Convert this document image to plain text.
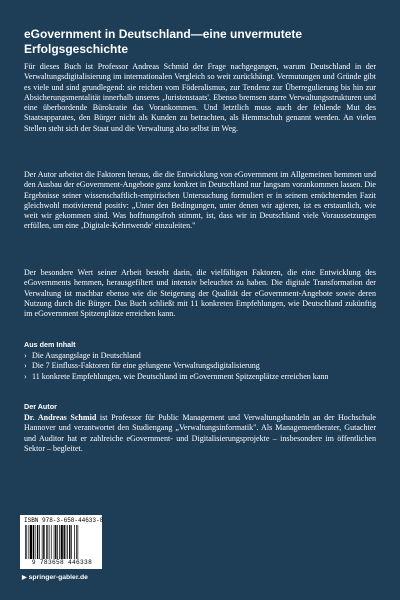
eGovernment in Deutschland—eine unvermutete
Erfolgsgeschichte

Für dieses Buch ist Professor Andreas Schmid der Frage nachgegangen, warum Deutschland in der Verwaltungsdigitalisierung im internationalen Vergleich so weit zurückhängt. Vermutungen und Gründe gibt es viele und sind grundlegend: sie reichen vom Föderalismus, zur Tendenz zur Überregulierung bis hin zur Absicherungsmentalität innerhalb unseres ‚Juristenstaats'. Ebenso bremsen starre Verwaltungsstrukturen und eine überbordende Bürokratie das Vorankommen. Und letztlich muss auch der fehlende Mut des Staatsapparates, den Bürger nicht als Kunden zu betrachten, als Hemmschuh genannt werden. An vielen Stellen steht sich der Staat und die Verwaltung also selbst im Weg.

Der Autor arbeitet die Faktoren heraus, die die Entwicklung von eGovernment im Allgemeinen hemmen und den Ausbau der eGovernment-Angebote ganz konkret in Deutschland nur langsam vorankommen lassen. Die Ergebnisse seiner wissenschaftlich-empirischen Untersuchung formuliert er in seinem ernüchternden Fazit gleichwohl motivierend positiv: „Unter den Bedingungen, unter denen wir agieren, ist es erstaunlich, wie weit wir gekommen sind. Was hoffnungsfroh stimmt, ist, dass wir in Deutschland viele Voraussetzungen erfüllen, um eine ‚Digitale-Kehrtwende' einzuleiten."

Der besondere Wert seiner Arbeit besteht darin, die vielfältigen Faktoren, die eine Entwicklung des eGovernments hemmen, herausgefiltert und intensiv beleuchtet zu haben. Die digitale Transformation der Verwaltung ist machbar ebenso wie die Steigerung der Qualität der eGovernment-Angebote sowie deren Nutzung durch die Bürger. Das Buch schließt mit 11 konkreten Empfehlungen, wie Deutschland zukünftig im eGovernment Spitzenplätze erreichen kann.

Aus dem Inhalt
› Die Ausgangslage in Deutschland
› Die 7 Einfluss-Faktoren für eine gelungene Verwaltungsdigitalisierung
› 11 konkrete Empfehlungen, wie Deutschland im eGovernment Spitzenplätze erreichen kann
Der Autor

Dr. Andreas Schmid ist Professor für Public Management und Verwaltungshandeln an der Hochschule Hannover und verantwortet den Studiengang „Verwaltungsinformatik". Als Managementberater, Gutachter und Auditor hat er zahlreiche eGovernment- und Digitalisierungsprojekte – insbesondere im öffentlichen Sektor – begleitet.

ISBN 978-3-658-44633-8
9 783658 446338
▶ springer-gabler.de
